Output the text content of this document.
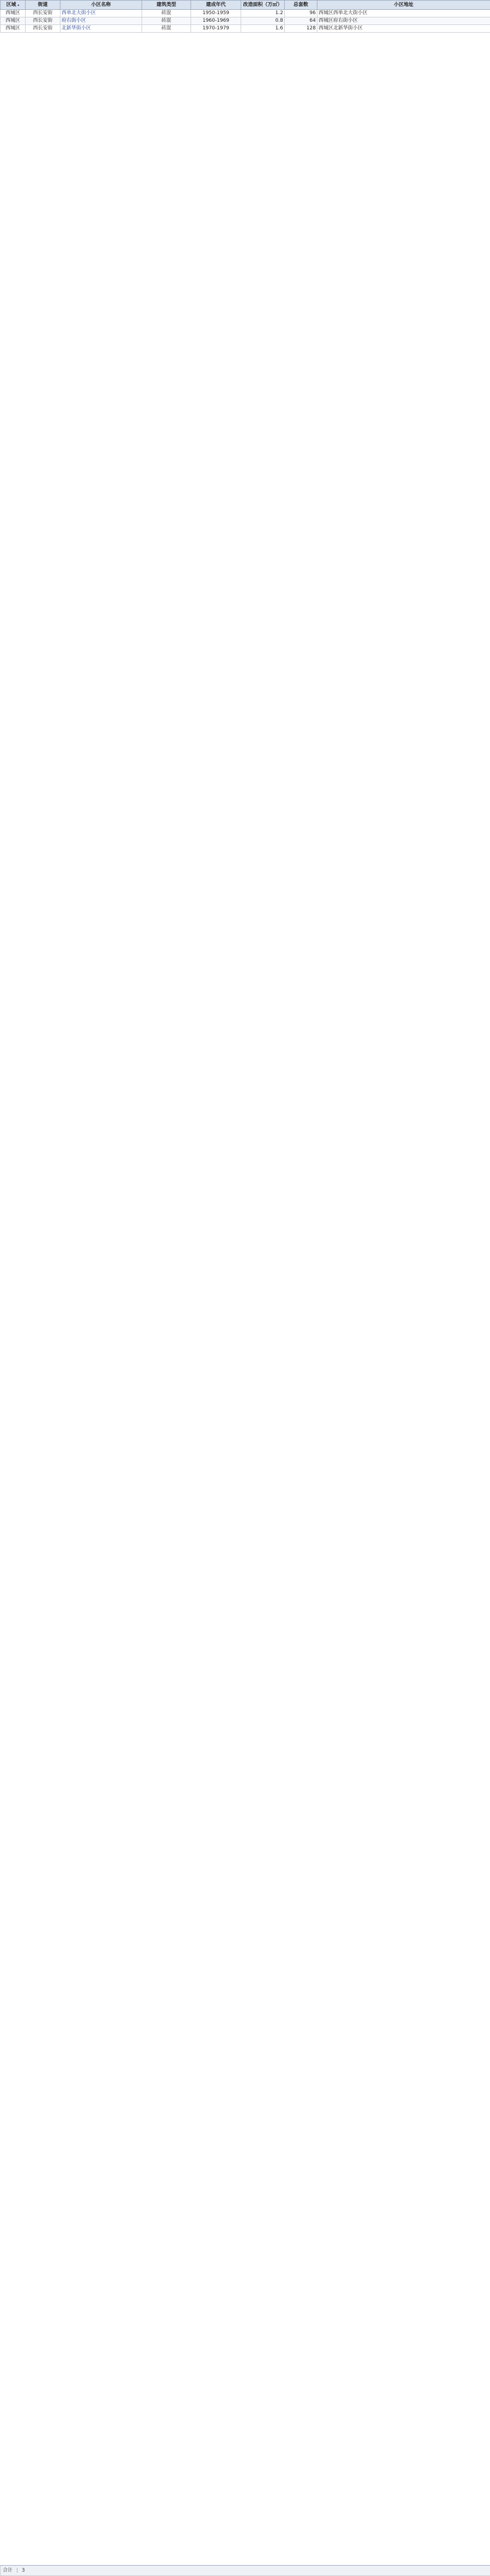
区域 ▴	街道	小区名称	建筑类型	建成年代	改造面积（万㎡）	总套数	小区地址
西城区	西长安街	西单北大街小区	砖混	1950-1959	1.2	96	西城区西单北大街小区
西城区	西长安街	府右街小区	砖混	1960-1969	0.8	64	西城区府右街小区
西城区	西长安街	北新华街小区	砖混	1970-1979	1.6	128	西城区北新华街小区
合计 | 3
